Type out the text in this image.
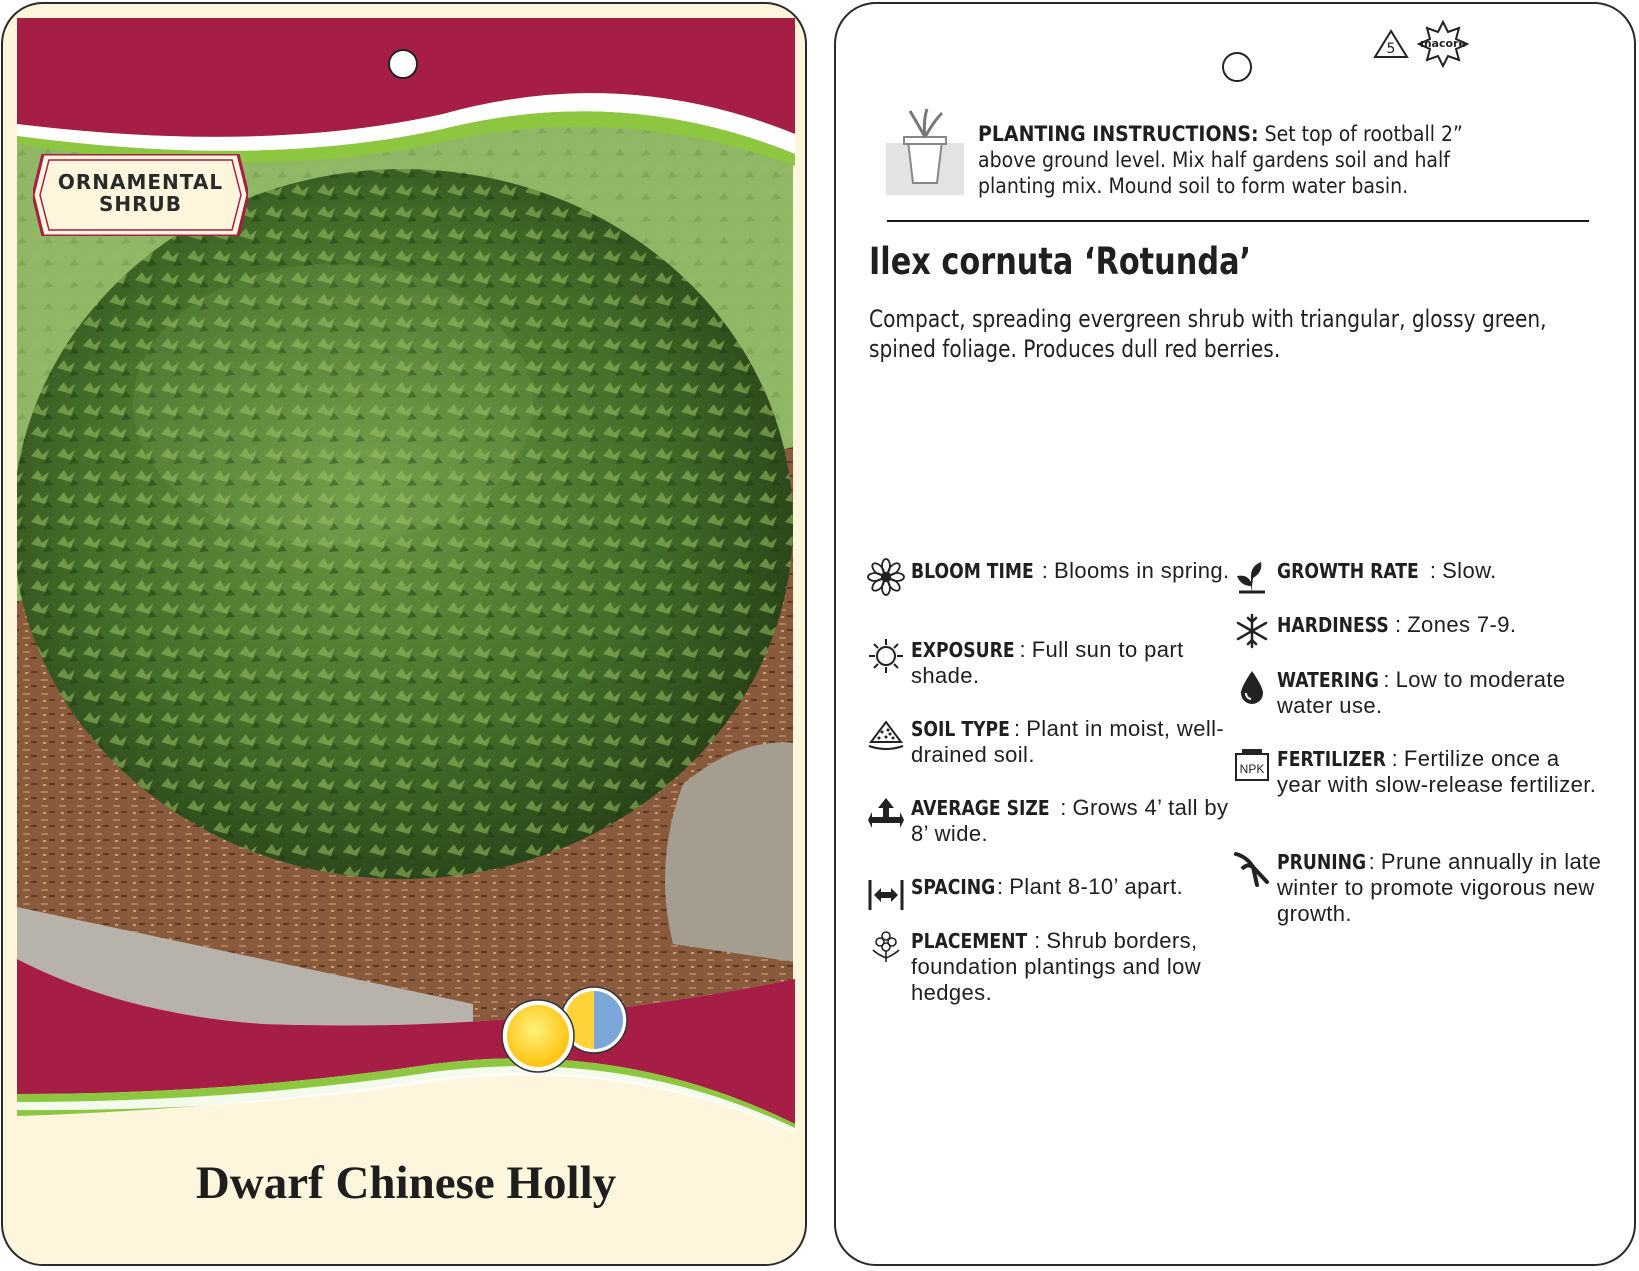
ORNAMENTAL
SHRUB
Dwarf Chinese Holly
5 macore
PLANTING INSTRUCTIONS: Set top of rootball 2” above ground level. Mix half gardens soil and half planting mix. Mound soil to form water basin.
Ilex cornuta ‘Rotunda’
Compact, spreading evergreen shrub with triangular, glossy green, spined foliage. Produces dull red berries.
BLOOM TIME : Blooms in spring.
EXPOSURE : Full sun to part shade.
SOIL TYPE : Plant in moist, well-drained soil.
AVERAGE SIZE : Grows 4’ tall by 8’ wide.
SPACING: Plant 8-10’ apart.
PLACEMENT : Shrub borders, foundation plantings and low hedges.
GROWTH RATE : Slow.
HARDINESS : Zones 7-9.
WATERING : Low to moderate water use.
NPK FERTILIZER : Fertilize once a year with slow-release fertilizer.
PRUNING : Prune annually in late winter to promote vigorous new growth.
